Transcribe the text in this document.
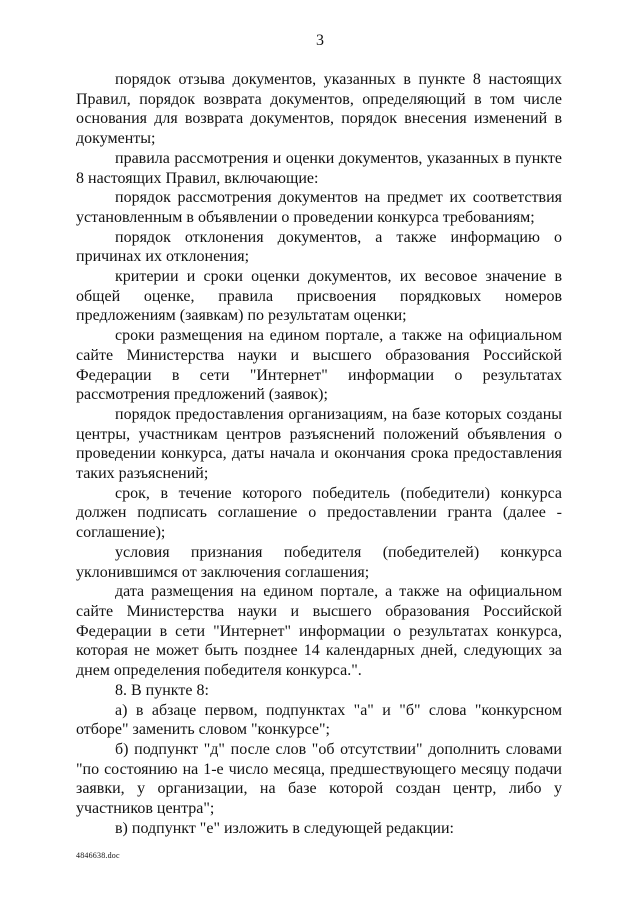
3

порядок отзыва документов, указанных в пункте 8 настоящих Правил, порядок возврата документов, определяющий в том числе основания для возврата документов, порядок внесения изменений в документы;

правила рассмотрения и оценки документов, указанных в пункте 8 настоящих Правил, включающие:

порядок рассмотрения документов на предмет их соответствия установленным в объявлении о проведении конкурса требованиям;

порядок отклонения документов, а также информацию о причинах их отклонения;

критерии и сроки оценки документов, их весовое значение в общей оценке, правила присвоения порядковых номеров предложениям (заявкам) по результатам оценки;

сроки размещения на едином портале, а также на официальном сайте Министерства науки и высшего образования Российской Федерации в сети "Интернет" информации о результатах рассмотрения предложений (заявок);

порядок предоставления организациям, на базе которых созданы центры, участникам центров разъяснений положений объявления о проведении конкурса, даты начала и окончания срока предоставления таких разъяснений;

срок, в течение которого победитель (победители) конкурса должен подписать соглашение о предоставлении гранта (далее - соглашение);

условия признания победителя (победителей) конкурса уклонившимся от заключения соглашения;

дата размещения на едином портале, а также на официальном сайте Министерства науки и высшего образования Российской Федерации в сети "Интернет" информации о результатах конкурса, которая не может быть позднее 14 календарных дней, следующих за днем определения победителя конкурса.".

8. В пункте 8:

а) в абзаце первом, подпунктах "а" и "б" слова "конкурсном отборе" заменить словом "конкурсе";

б) подпункт "д" после слов "об отсутствии" дополнить словами "по состоянию на 1-е число месяца, предшествующего месяцу подачи заявки, у организации, на базе которой создан центр, либо у участников центра";

в) подпункт "е" изложить в следующей редакции:

4846638.doc
